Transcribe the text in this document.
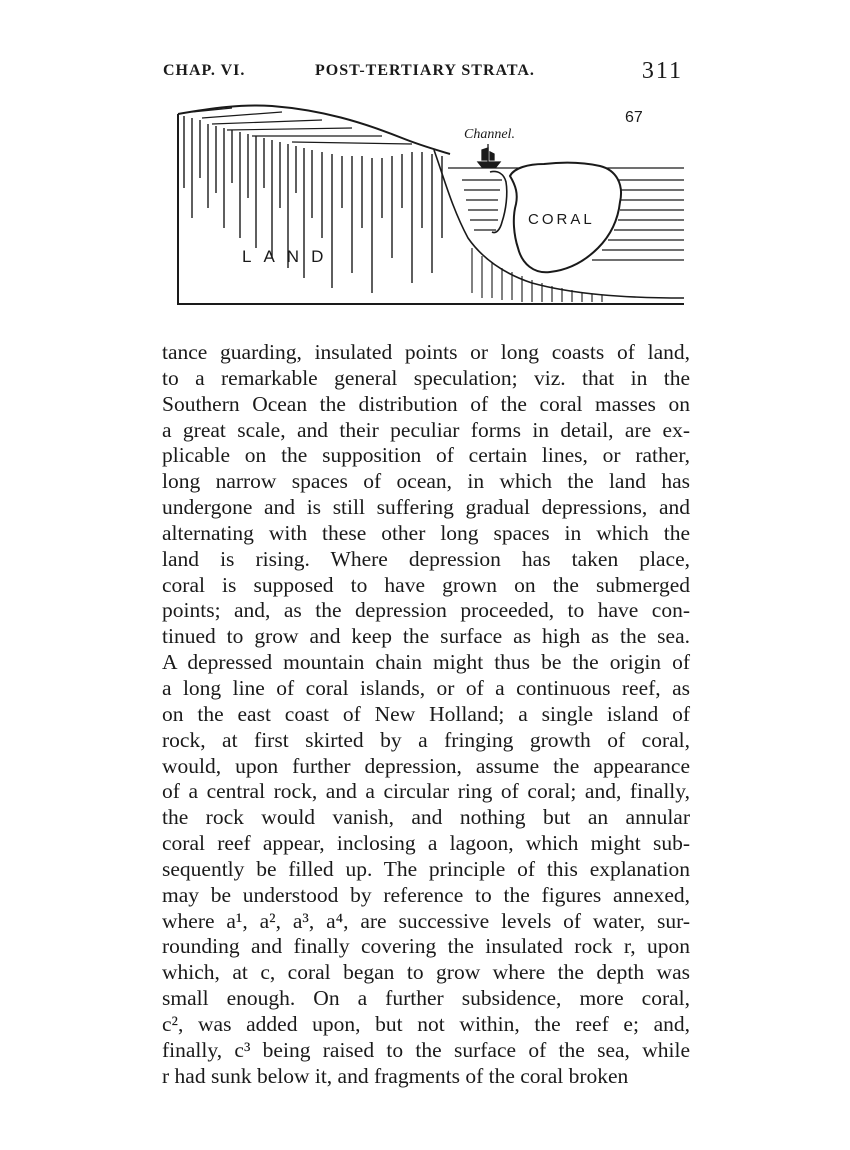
CHAP. VI.	POST-TERTIARY STRATA.	311
67
Channel.
CORAL
LAND
tance guarding, insulated points or long coasts of land,
to a remarkable general speculation; viz. that in the
Southern Ocean the distribution of the coral masses on
a great scale, and their peculiar forms in detail, are ex-
plicable on the supposition of certain lines, or rather,
long narrow spaces of ocean, in which the land has
undergone and is still suffering gradual depressions, and
alternating with these other long spaces in which the
land is rising. Where depression has taken place,
coral is supposed to have grown on the submerged
points; and, as the depression proceeded, to have con-
tinued to grow and keep the surface as high as the sea.
A depressed mountain chain might thus be the origin of
a long line of coral islands, or of a continuous reef, as
on the east coast of New Holland; a single island of
rock, at first skirted by a fringing growth of coral,
would, upon further depression, assume the appearance
of a central rock, and a circular ring of coral; and, finally,
the rock would vanish, and nothing but an annular
coral reef appear, inclosing a lagoon, which might sub-
sequently be filled up. The principle of this explanation
may be understood by reference to the figures annexed,
where a¹, a², a³, a⁴, are successive levels of water, sur-
rounding and finally covering the insulated rock r, upon
which, at c, coral began to grow where the depth was
small enough. On a further subsidence, more coral,
c², was added upon, but not within, the reef e; and,
finally, c³ being raised to the surface of the sea, while
r had sunk below it, and fragments of the coral broken
